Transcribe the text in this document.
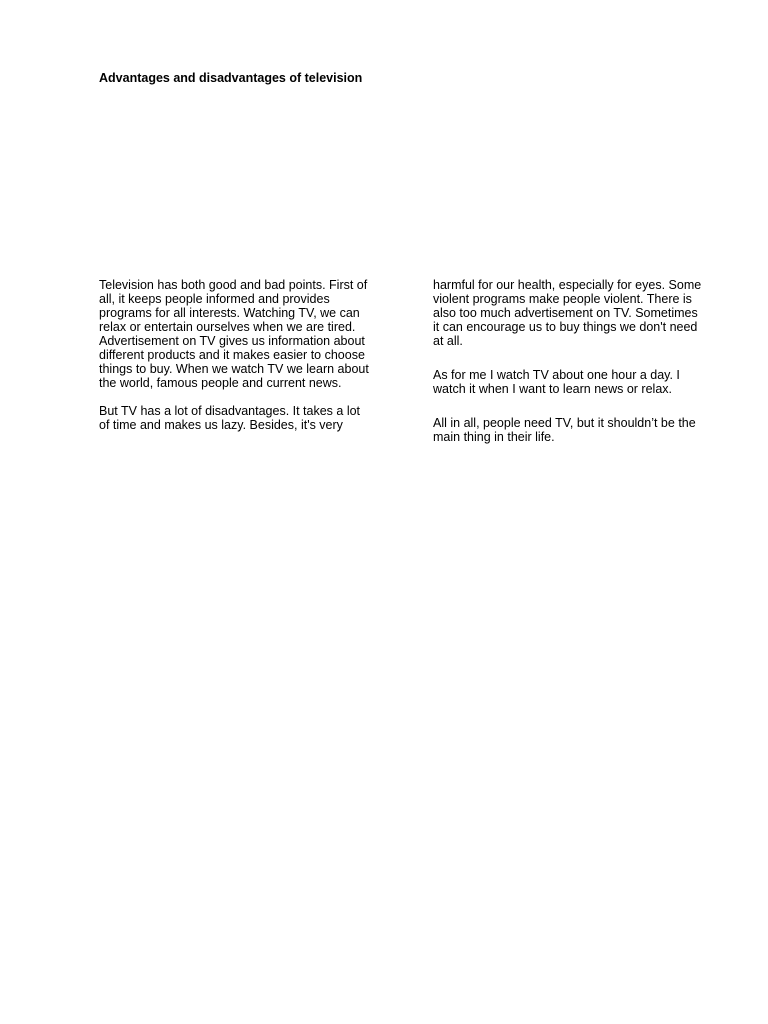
Advantages and disadvantages of television

Television has both good and bad points. First of
all, it keeps people informed and provides
programs for all interests. Watching TV, we can
relax or entertain ourselves when we are tired.
Advertisement on TV gives us information about
different products and it makes easier to choose
things to buy. When we watch TV we learn about
the world, famous people and current news.

But TV has a lot of disadvantages. It takes a lot
of time and makes us lazy. Besides, it's very

harmful for our health, especially for eyes. Some
violent programs make people violent. There is
also too much advertisement on TV. Sometimes
it can encourage us to buy things we don't need
at all.

As for me I watch TV about one hour a day. I
watch it when I want to learn news or relax.

All in all, people need TV, but it shouldn’t be the
main thing in their life.
